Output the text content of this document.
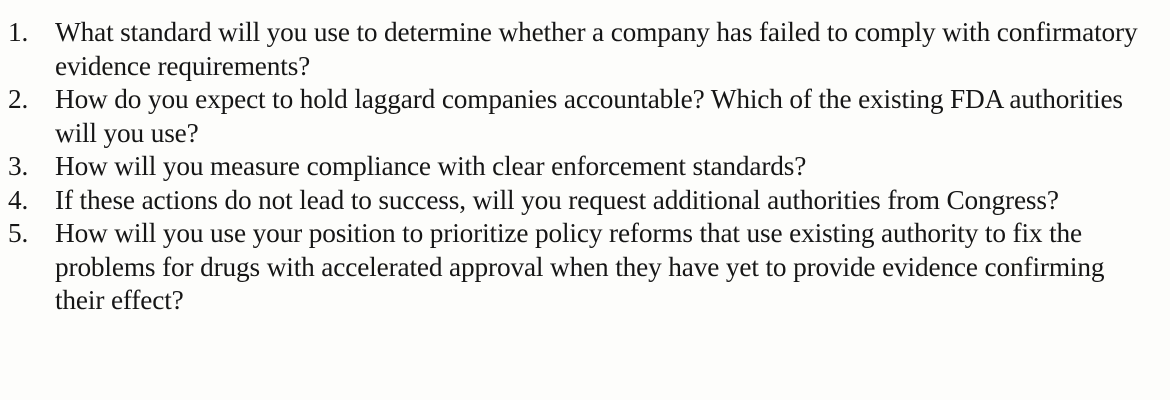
1. What standard will you use to determine whether a company has failed to comply with confirmatory evidence requirements?
2. How do you expect to hold laggard companies accountable? Which of the existing FDA authorities will you use?
3. How will you measure compliance with clear enforcement standards?
4. If these actions do not lead to success, will you request additional authorities from Congress?
5. How will you use your position to prioritize policy reforms that use existing authority to fix the problems for drugs with accelerated approval when they have yet to provide evidence confirming their effect?
